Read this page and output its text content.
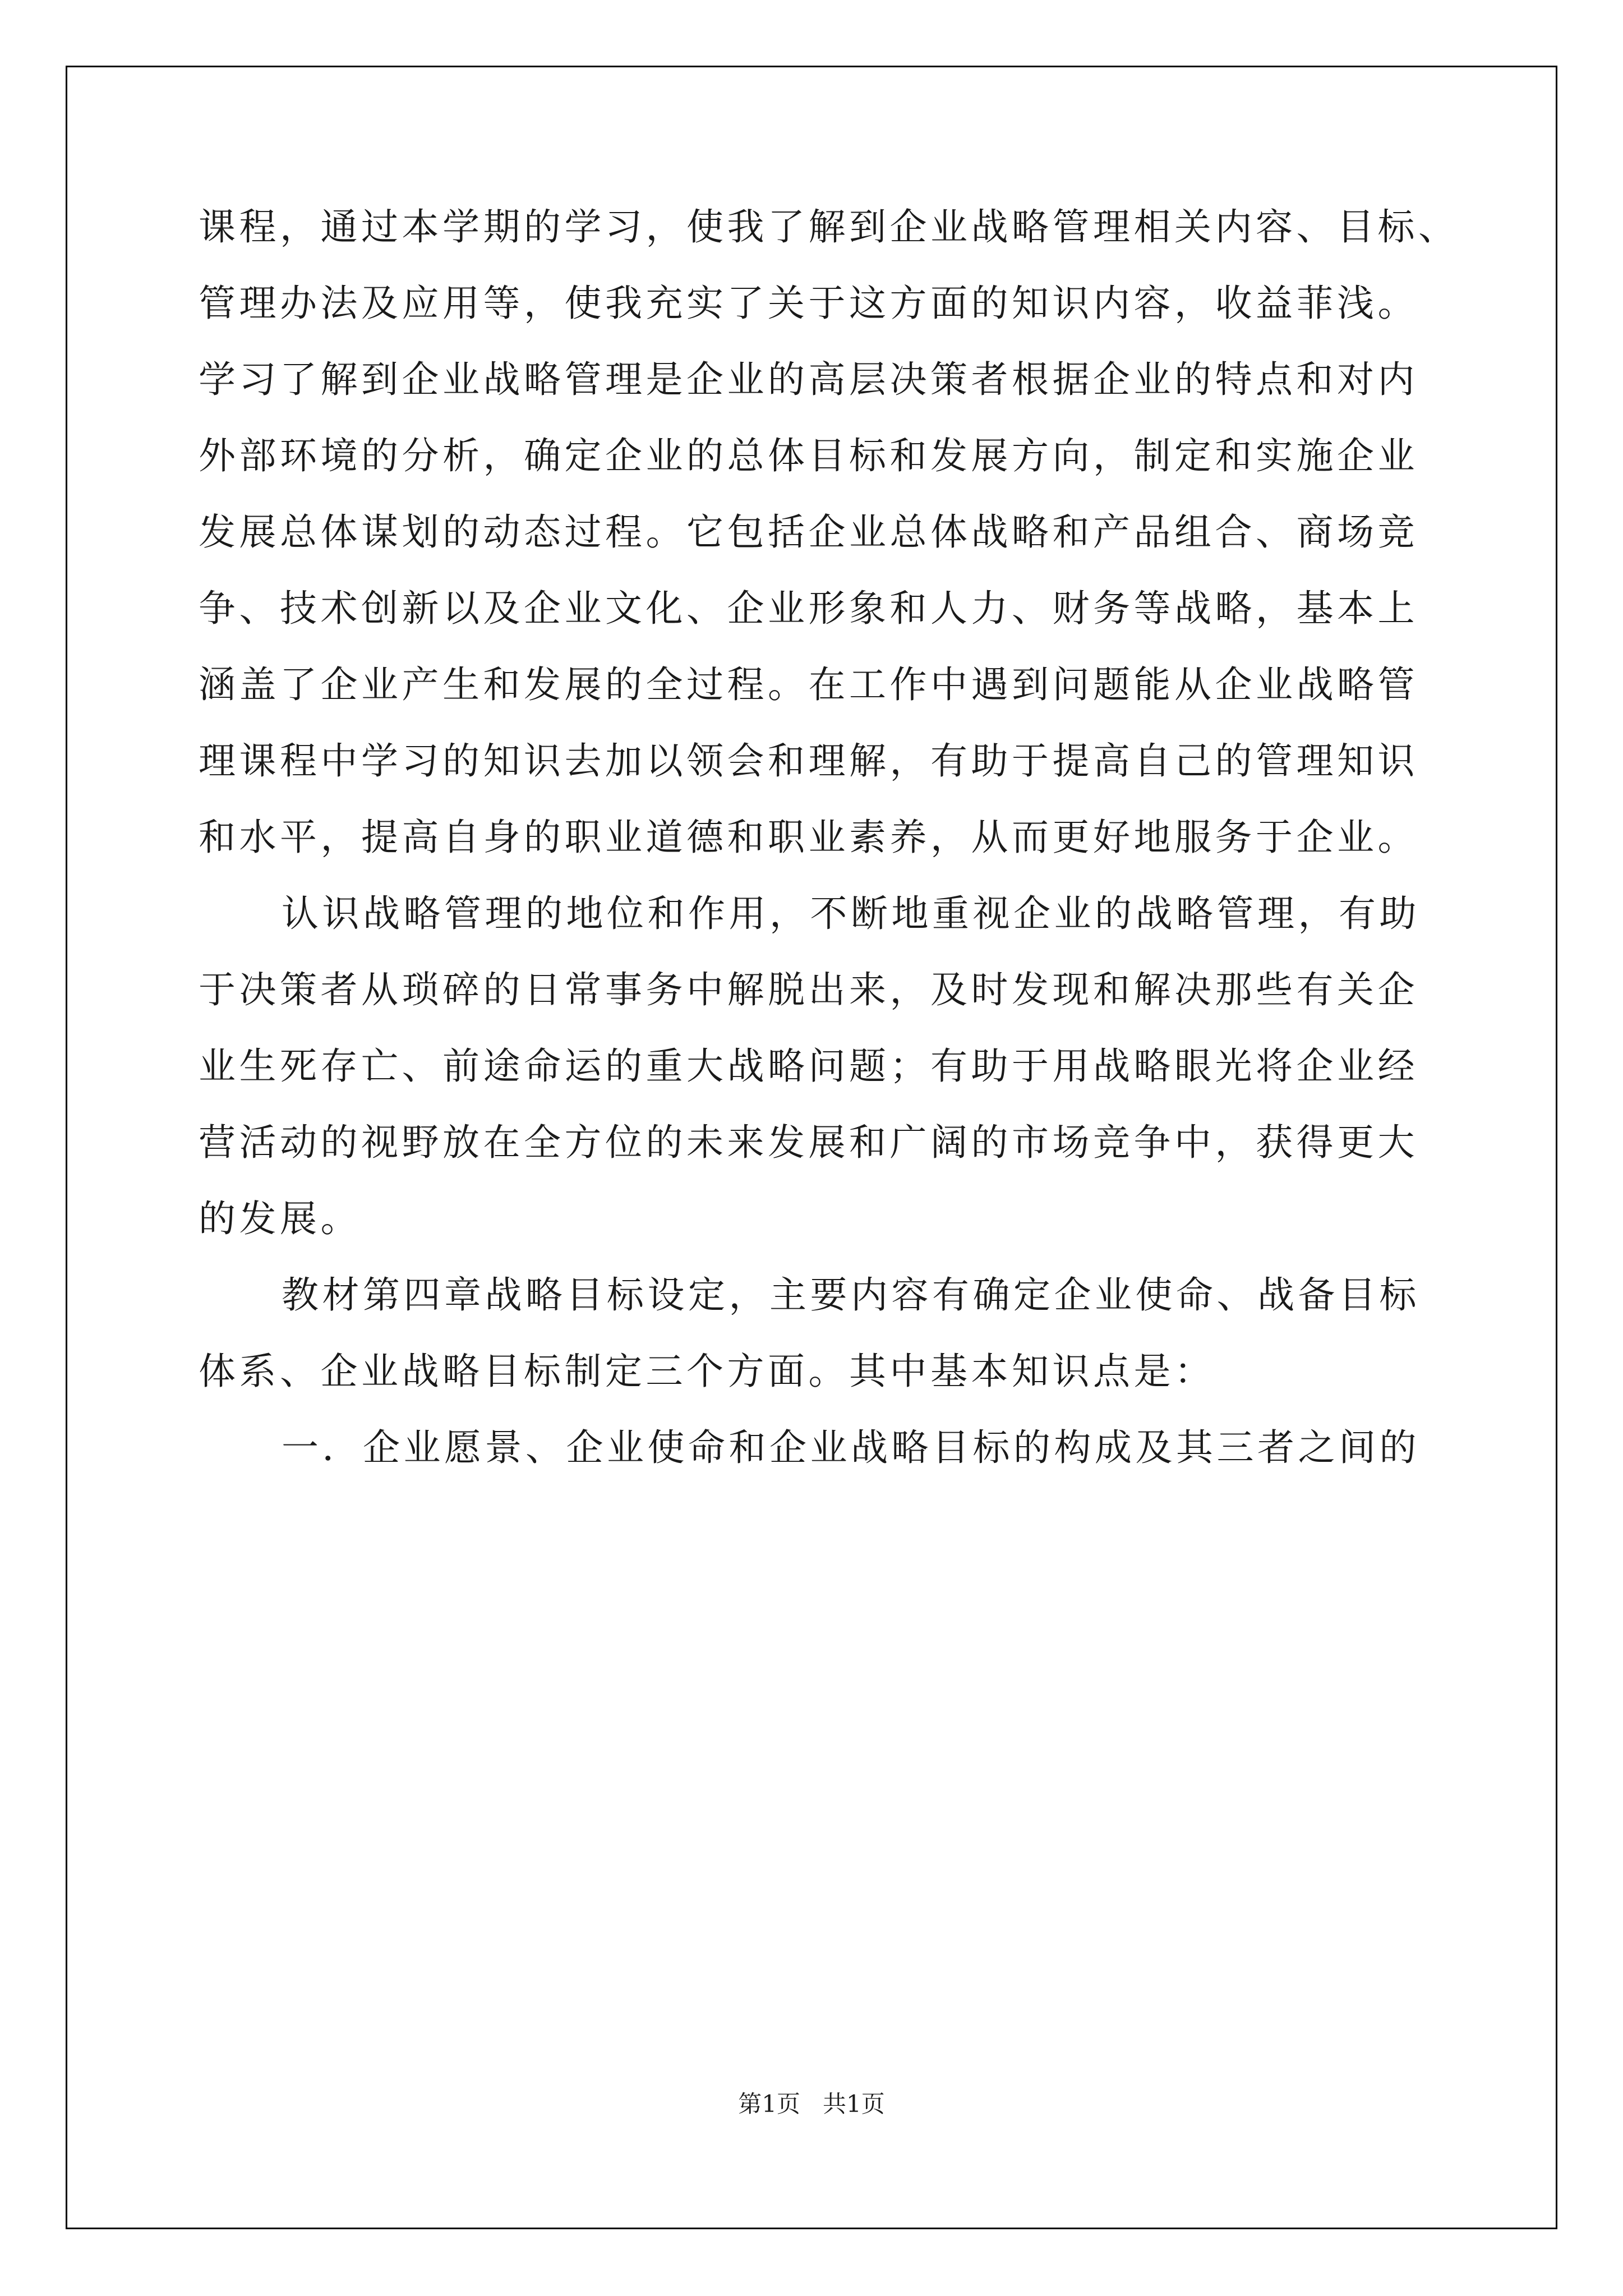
课程，通过本学期的学习，使我了解到企业战略管理相关内容、目标、
管理办法及应用等，使我充实了关于这方面的知识内容，收益菲浅。
学习了解到企业战略管理是企业的高层决策者根据企业的特点和对内
外部环境的分析，确定企业的总体目标和发展方向，制定和实施企业
发展总体谋划的动态过程。它包括企业总体战略和产品组合、商场竞
争、技术创新以及企业文化、企业形象和人力、财务等战略，基本上
涵盖了企业产生和发展的全过程。在工作中遇到问题能从企业战略管
理课程中学习的知识去加以领会和理解，有助于提高自己的管理知识
和水平，提高自身的职业道德和职业素养，从而更好地服务于企业。
认识战略管理的地位和作用，不断地重视企业的战略管理，有助
于决策者从琐碎的日常事务中解脱出来，及时发现和解决那些有关企
业生死存亡、前途命运的重大战略问题；有助于用战略眼光将企业经
营活动的视野放在全方位的未来发展和广阔的市场竞争中，获得更大
的发展。
教材第四章战略目标设定，主要内容有确定企业使命、战备目标
体系、企业战略目标制定三个方面。其中基本知识点是：
一．企业愿景、企业使命和企业战略目标的构成及其三者之间的
第1页 共1页
